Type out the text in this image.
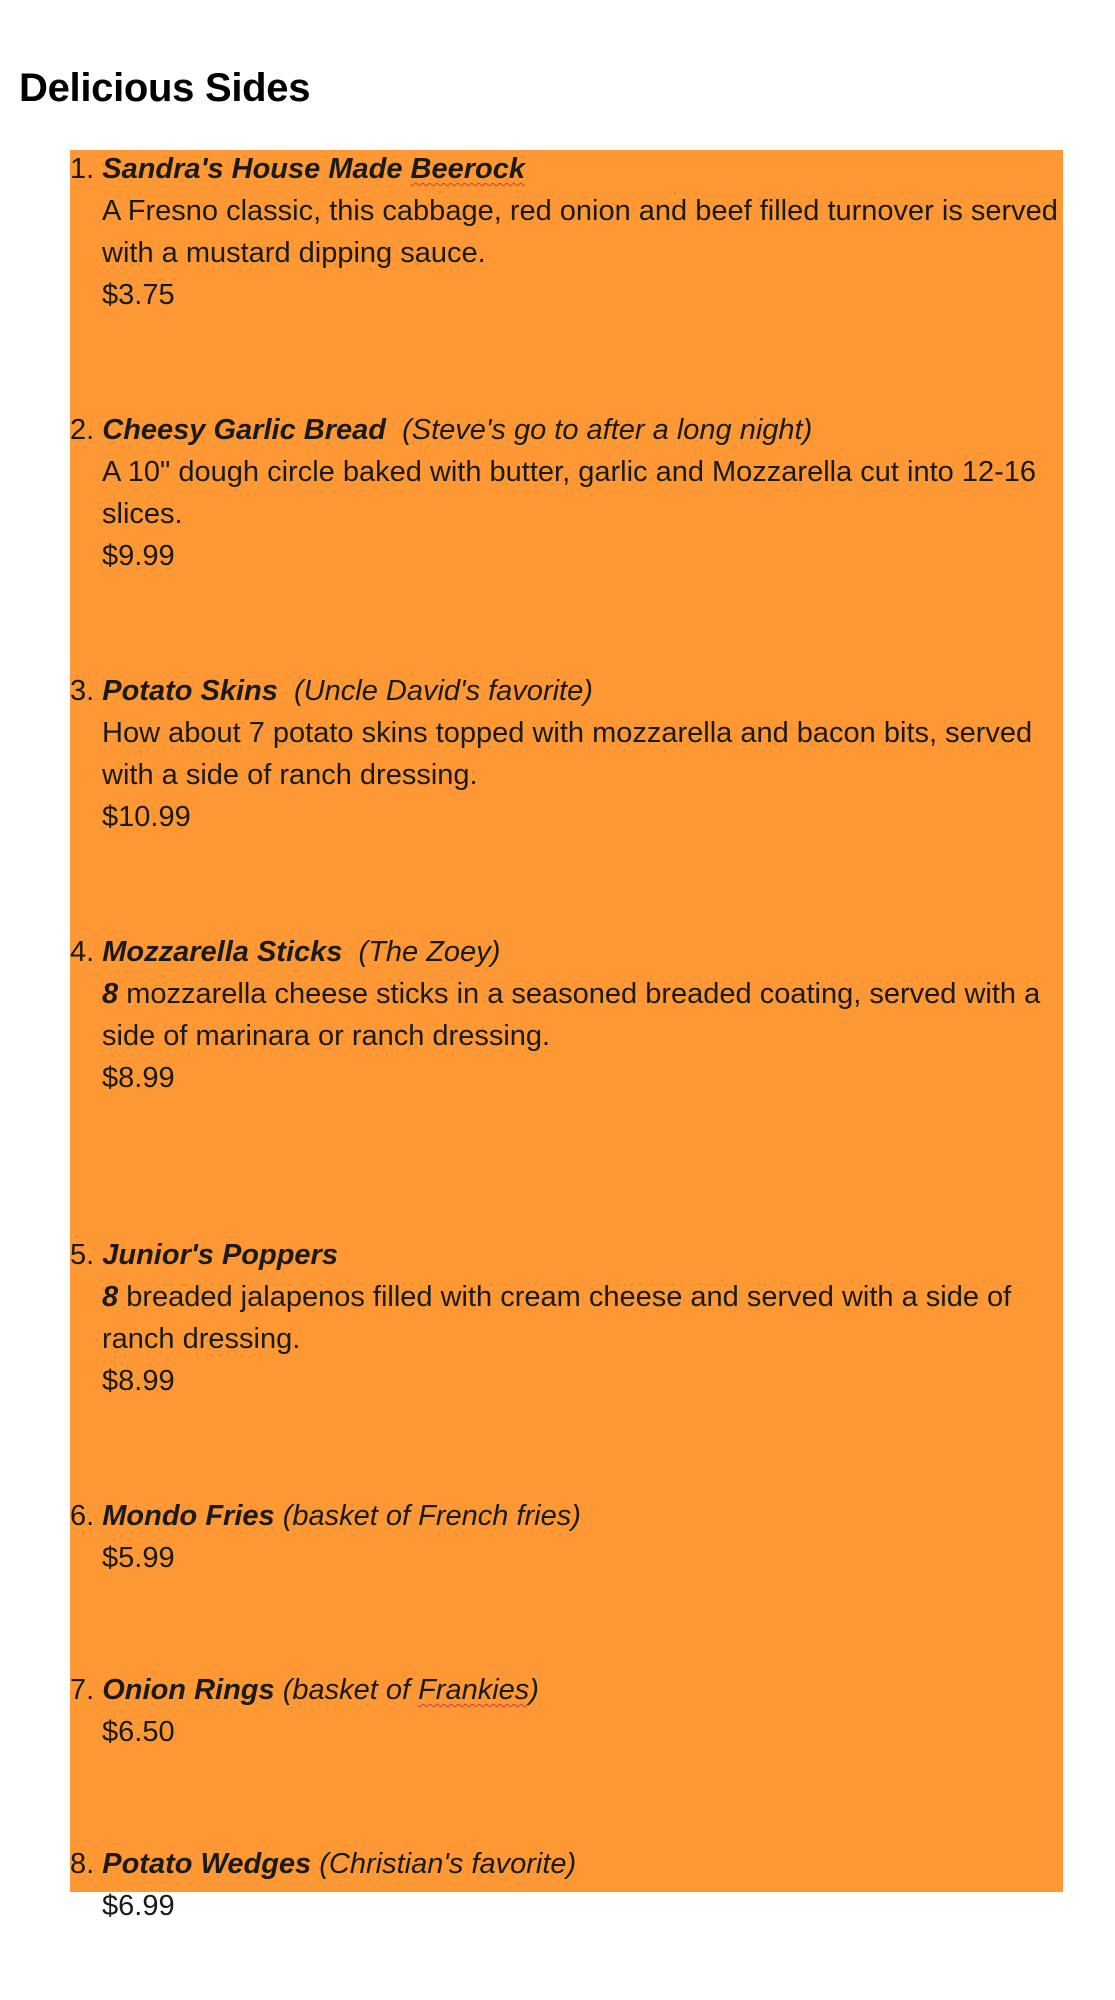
Delicious Sides
1. Sandra's House Made Beerock
A Fresno classic, this cabbage, red onion and beef filled turnover is served with a mustard dipping sauce.
$3.75
2. Cheesy Garlic Bread (Steve's go to after a long night)
A 10" dough circle baked with butter, garlic and Mozzarella cut into 12-16 slices.
$9.99
3. Potato Skins (Uncle David's favorite)
How about 7 potato skins topped with mozzarella and bacon bits, served with a side of ranch dressing.
$10.99
4. Mozzarella Sticks (The Zoey)
8 mozzarella cheese sticks in a seasoned breaded coating, served with a side of marinara or ranch dressing.
$8.99
5. Junior's Poppers
8 breaded jalapenos filled with cream cheese and served with a side of ranch dressing.
$8.99
6. Mondo Fries (basket of French fries)
$5.99
7. Onion Rings (basket of Frankies)
$6.50
8. Potato Wedges (Christian's favorite)
$6.99
